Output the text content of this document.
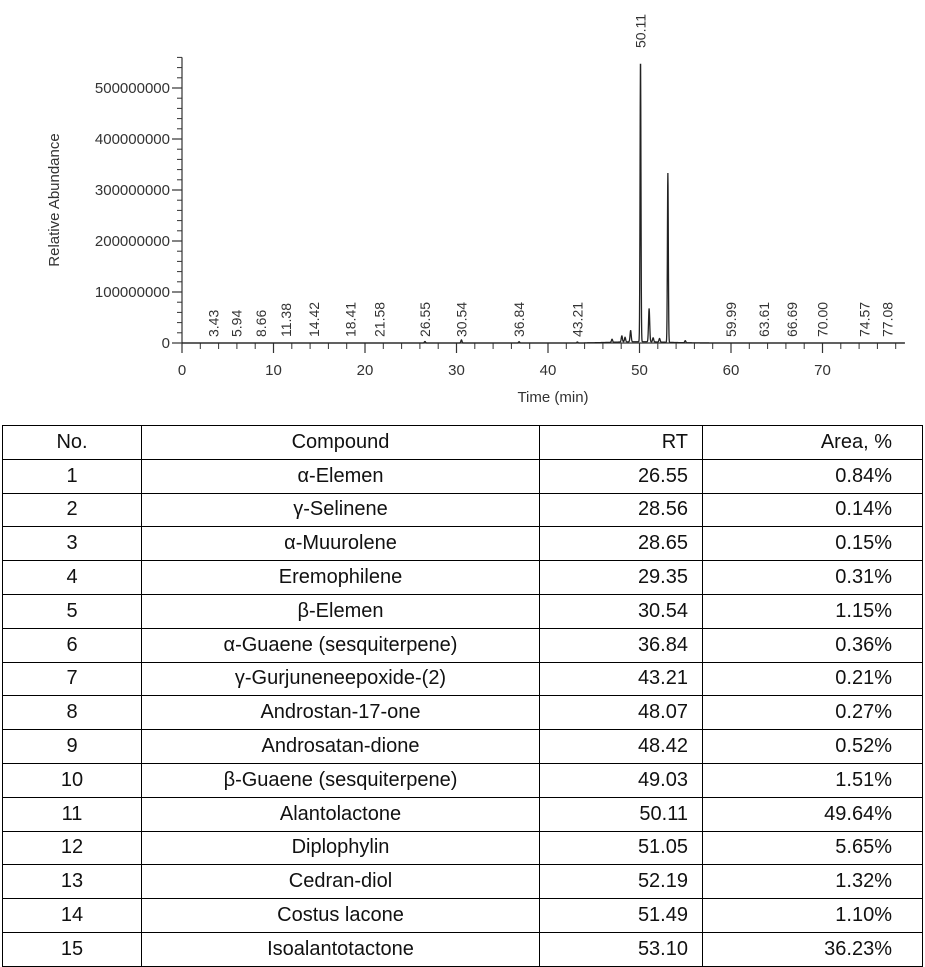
0
100000000
200000000
300000000
400000000
500000000
0	10	20	30	40	50	60	70
3.43 5.94 8.66 11.38 14.42 18.41 21.58 26.55 30.54	36.84	43.21
50.11
59.99 63.61 66.69 70.00 74.57 77.08
Relative Abundance
Time (min)
No.	Compound	RT	Area, %
1	α-Elemen	26.55	0.84%
2	γ-Selinene	28.56	0.14%
3	α-Muurolene	28.65	0.15%
4	Eremophilene	29.35	0.31%
5	β-Elemen	30.54	1.15%
6	α-Guaene (sesquiterpene)	36.84	0.36%
7	γ-Gurjuneneepoxide-(2)	43.21	0.21%
8	Androstan-17-one	48.07	0.27%
9	Androsatan-dione	48.42	0.52%
10	β-Guaene (sesquiterpene)	49.03	1.51%
11	Alantolactone	50.11	49.64%
12	Diplophylin	51.05	5.65%
13	Cedran-diol	52.19	1.32%
14	Costus lacone	51.49	1.10%
15	Isoalantotactone	53.10	36.23%
